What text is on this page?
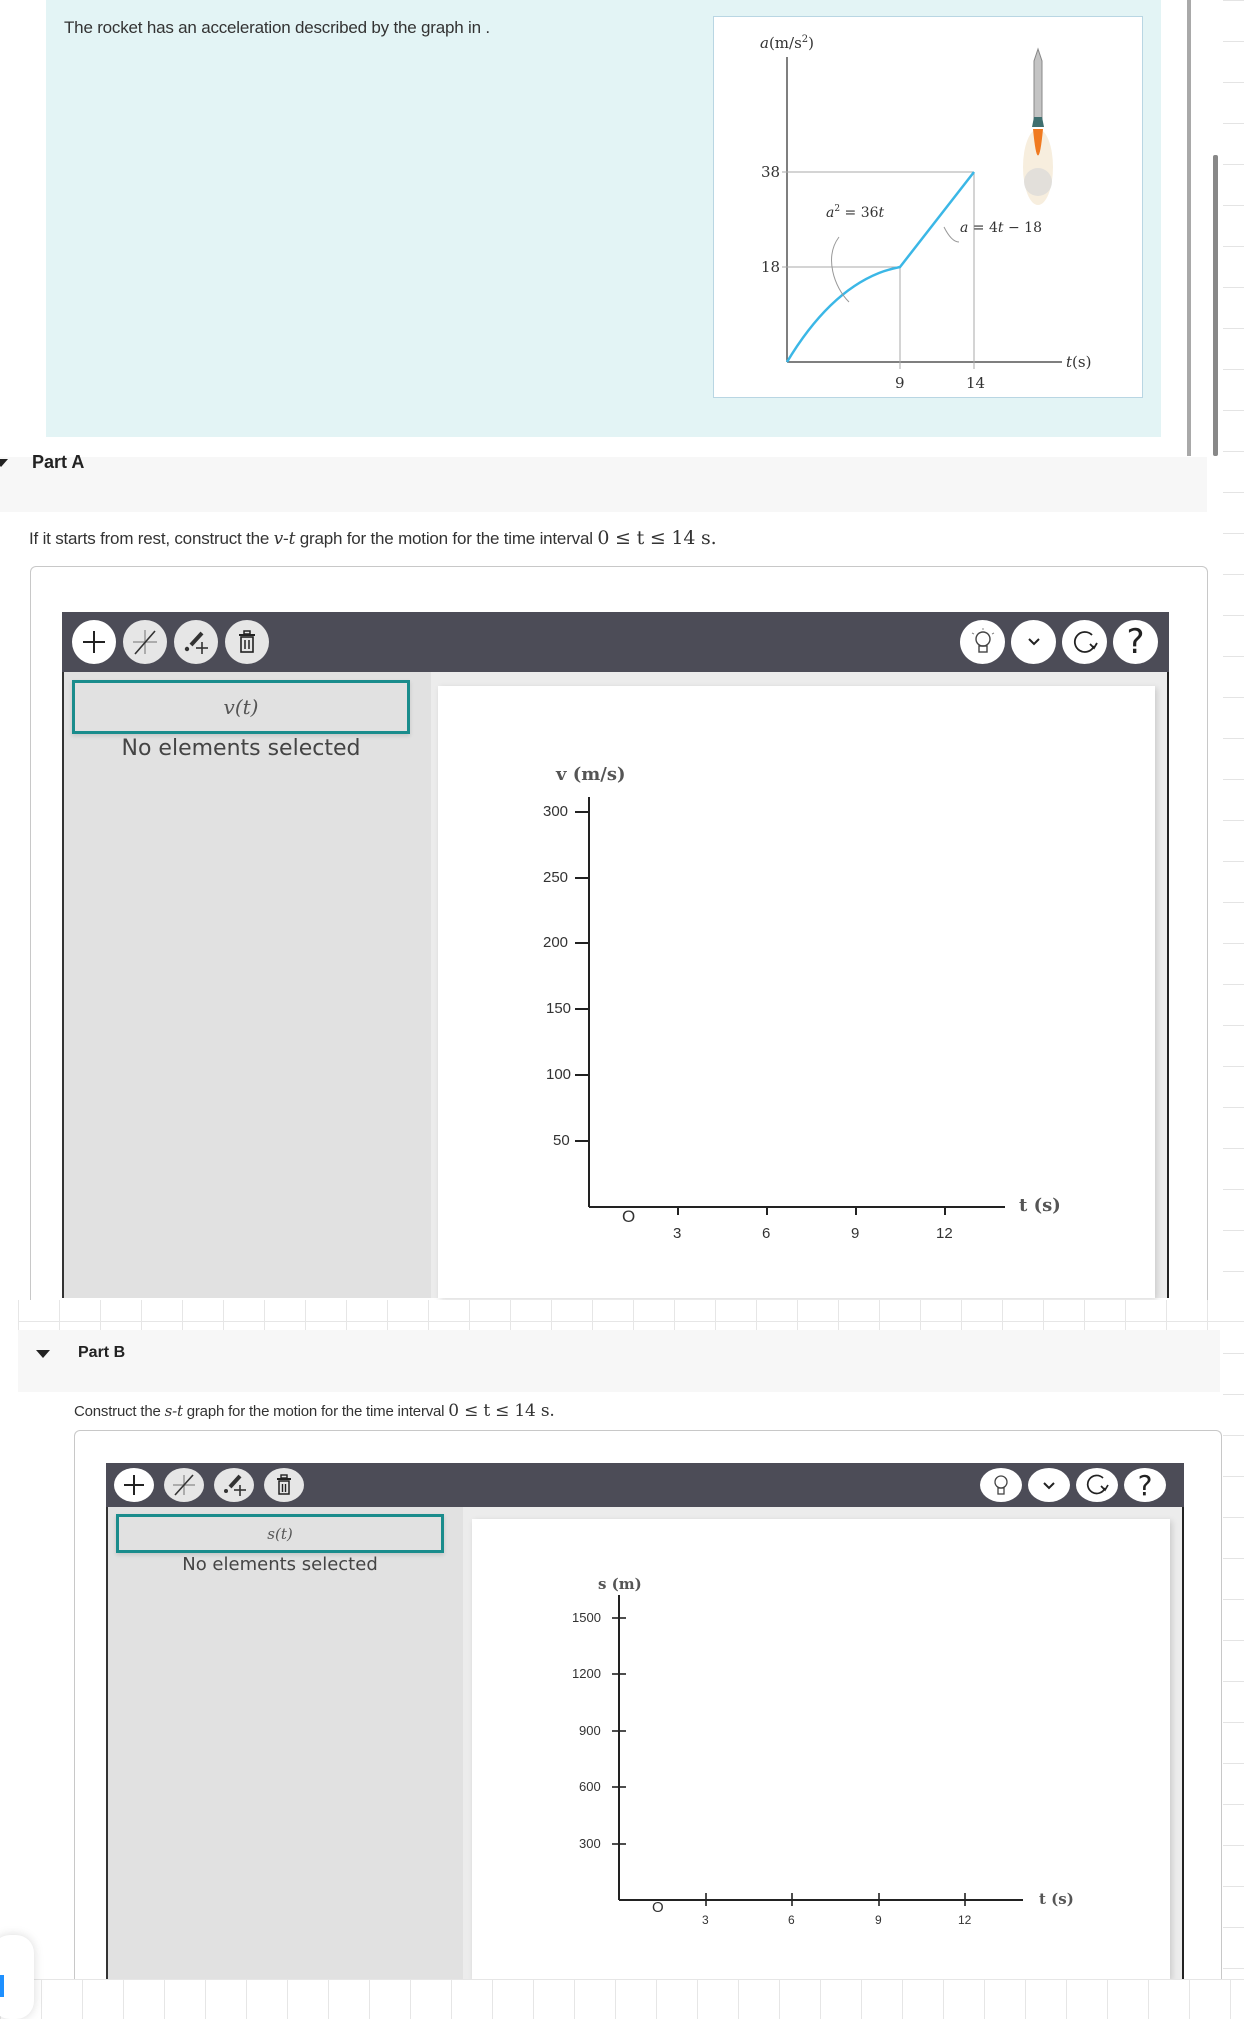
The rocket has an acceleration described by the graph in .
$a(m/s^2)$
t(s)
38
18
9	14
$a^2 = 36t$
a = 4t − 18
Part A
If it starts from rest, construct the v-t graph for the motion for the time interval 0 ≤ t ≤ 14 s.
?
v(t)
No elements selected
v (m/s)
300
250
200
150
100
50
O
3	6	9	12
t (s)
Part B
Construct the s-t graph for the motion for the time interval 0 ≤ t ≤ 14 s.
?
s(t)
No elements selected
s (m)
1500
1200
900
600
300
O
3	6	9	12
t (s)
